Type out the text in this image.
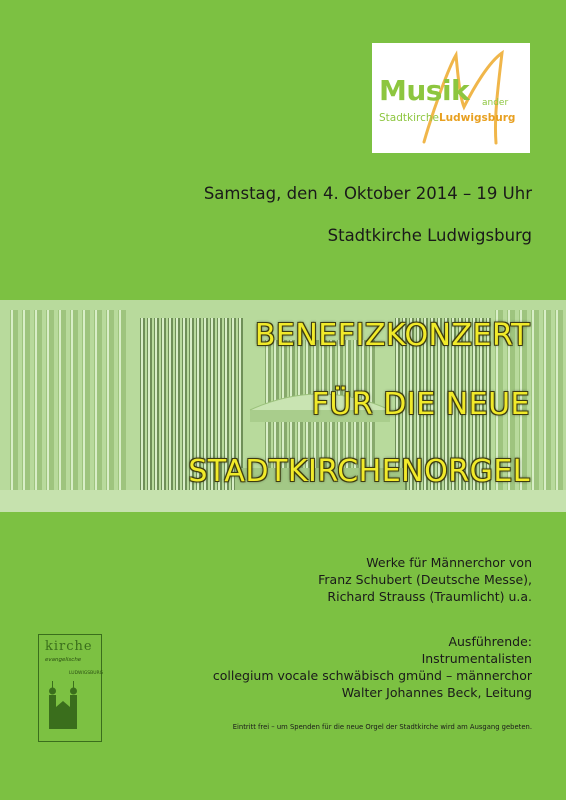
Musik ander
StadtkircheLudwigsburg
Samstag, den 4. Oktober 2014 – 19 Uhr
Stadtkirche Ludwigsburg
BENEFIZKONZERT
FÜR DIE NEUE
STADTKIRCHENORGEL
Werke für Männerchor von
Franz Schubert (Deutsche Messe),
Richard Strauss (Traumlicht) u.a.
Ausführende:
Instrumentalisten
collegium vocale schwäbisch gmünd – männerchor
Walter Johannes Beck, Leitung
Eintritt frei – um Spenden für die neue Orgel der Stadtkirche wird am Ausgang gebeten.
kirche
evangelische
LUDWIGSBURG
